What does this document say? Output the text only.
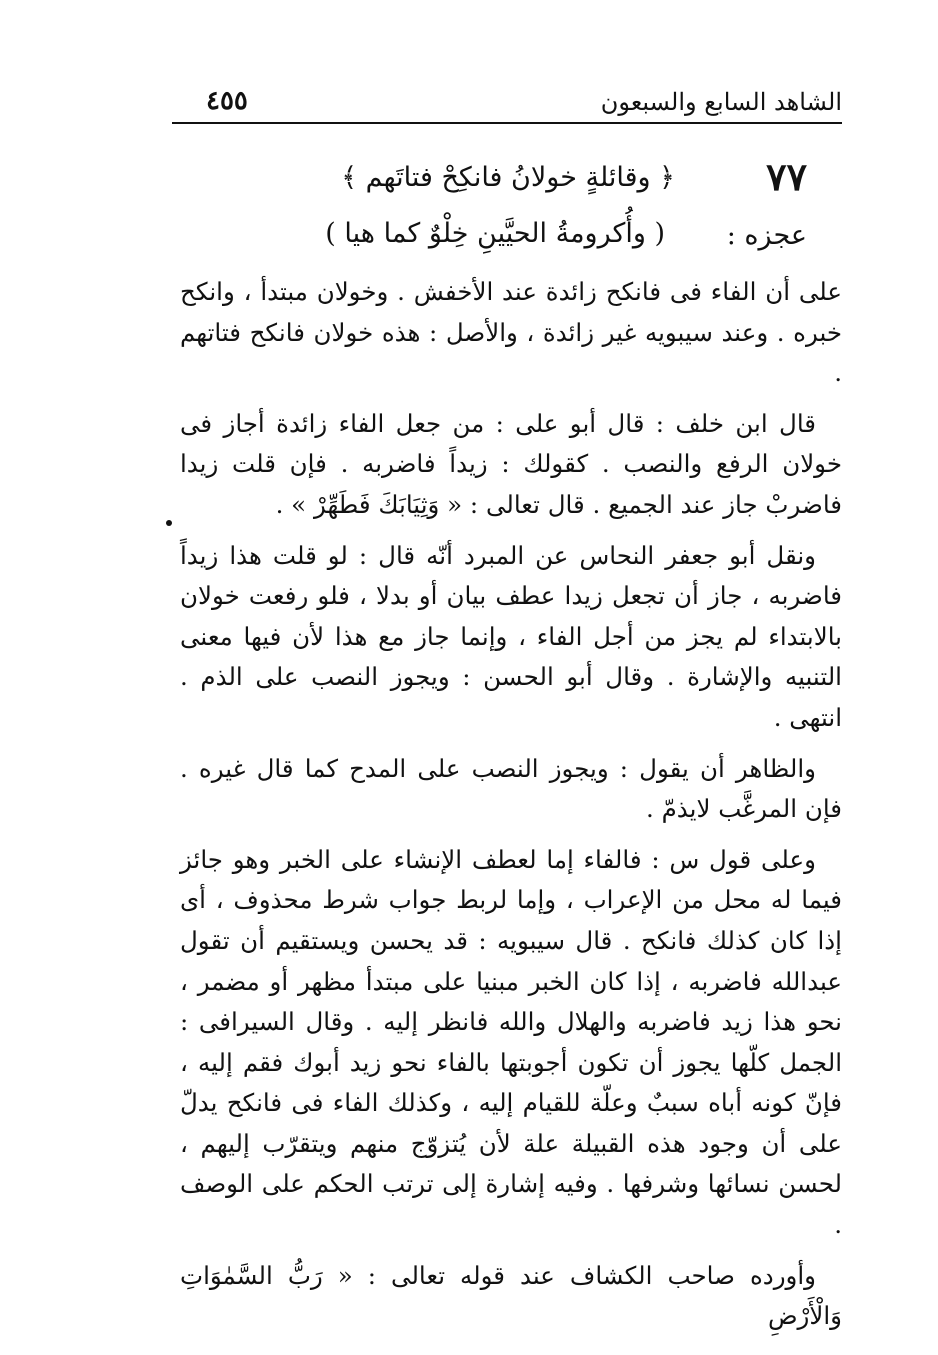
الشاهد السابع والسبعون
٤٥٥
٧٧
﴿ وقائلةٍ خولانُ فانكِحْ فتاتَهم ﴾
عجزه :
( وأُكرومةُ الحيَّينِ خِلْوٌ كما هيا )

على أن الفاء فى فانكح زائدة عند الأخفش . وخولان مبتدأ ، وانكح خبره . وعند سيبويه غير زائدة ، والأصل : هذه خولان فانكح فتاتهم .

قال ابن خلف : قال أبو على : من جعل الفاء زائدة أجاز فى خولان الرفع والنصب . كقولك : زيداً فاضربه . فإن قلت زيدا فاضربْ جاز عند الجميع . قال تعالى : « وَثِيَابَكَ فَطَهِّرْ » .

ونقل أبو جعفر النحاس عن المبرد أنّه قال : لو قلت هذا زيداً فاضربه ، جاز أن تجعل زيدا عطف بيان أو بدلا ، فلو رفعت خولان بالابتداء لم يجز من أجل الفاء ، وإنما جاز مع هذا لأن فيها معنى التنبيه والإشارة . وقال أبو الحسن : ويجوز النصب على الذم . انتهى .

والظاهر أن يقول : ويجوز النصب على المدح كما قال غيره . فإن المرغَّب لايذمّ .

وعلى قول س : فالفاء إما لعطف الإنشاء على الخبر وهو جائز فيما له محل من الإعراب ، وإما لربط جواب شرط محذوف ، أى إذا كان كذلك فانكح . قال سيبويه : قد يحسن ويستقيم أن تقول عبدالله فاضربه ، إذا كان الخبر مبنيا على مبتدأ مظهر أو مضمر ، نحو هذا زيد فاضربه والهلال والله فانظر إليه . وقال السيرافى : الجمل كلّها يجوز أن تكون أجوبتها بالفاء نحو زيد أبوك فقم إليه ، فإنّ كونه أباه سببٌ وعلّة للقيام إليه ، وكذلك الفاء فى فانكح يدلّ على أن وجود هذه القبيلة علة لأن يُتزوّج منهم ويتقرّب إليهم ، لحسن نسائها وشرفها . وفيه إشارة إلى ترتب الحكم على الوصف .

وأورده صاحب الكشاف عند قوله تعالى : « رَبُّ السَّمٰوَاتِ وَالْأَرْضِ
